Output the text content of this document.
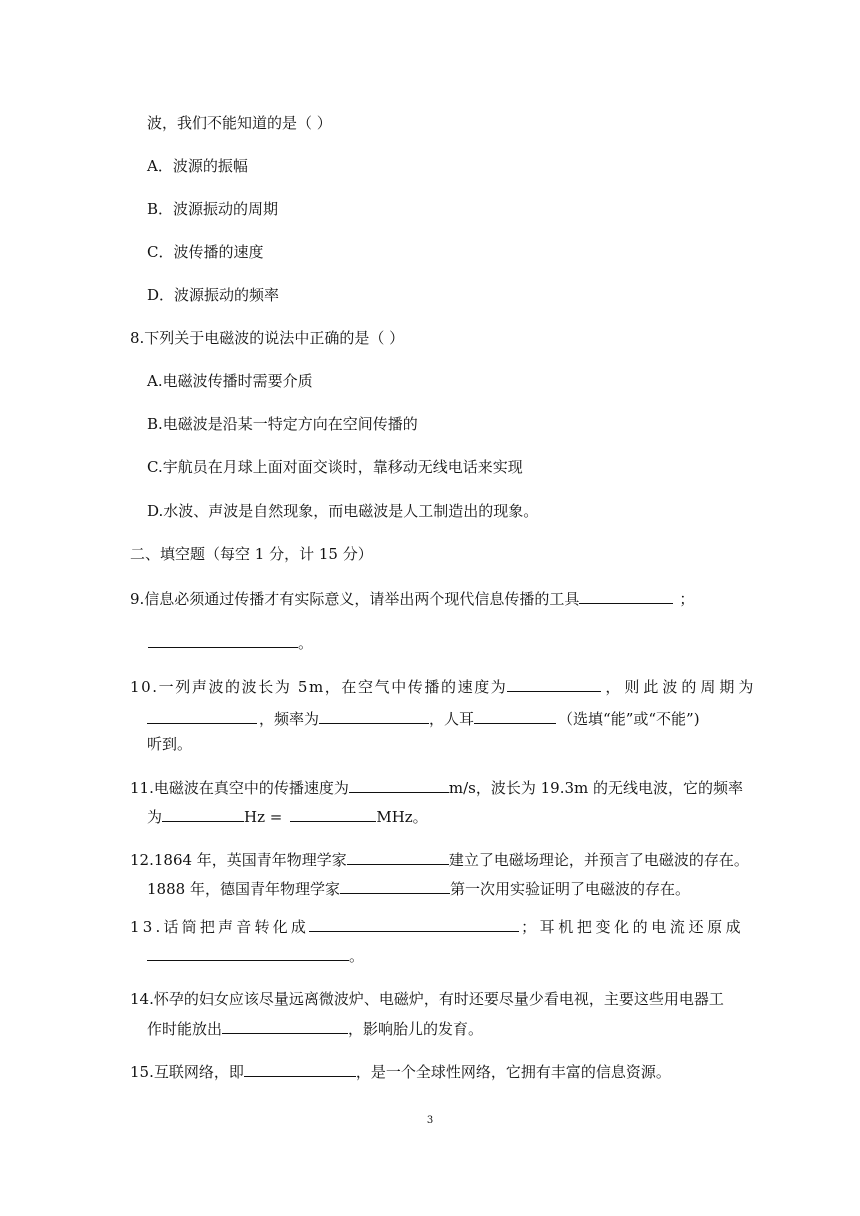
波，我们不能知道的是（ ）
A．波源的振幅
B．波源振动的周期
C．波传播的速度
D．波源振动的频率
8.下列关于电磁波的说法中正确的是（ ）
A.电磁波传播时需要介质
B.电磁波是沿某一特定方向在空间传播的
C.宇航员在月球上面对面交谈时，靠移动无线电话来实现
D.水波、声波是自然现象，而电磁波是人工制造出的现象。
二、填空题（每空 1 分，计 15 分）
9.信息必须通过传播才有实际意义，请举出两个现代信息传播的工具	；
。
10.一列声波的波长为 5m，在空气中传播的速度为	，则此波的周期为
，频率为	，人耳	（选填“能”或“不能”)
听到。
11.电磁波在真空中的传播速度为	m/s，波长为 19.3m 的无线电波，它的频率
为	Hz =	MHz。
12.1864 年，英国青年物理学家	建立了电磁场理论，并预言了电磁波的存在。
1888 年，德国青年物理学家	第一次用实验证明了电磁波的存在。
13.话筒把声音转化成	；耳机把变化的电流还原成
。
14.怀孕的妇女应该尽量远离微波炉、电磁炉，有时还要尽量少看电视，主要这些用电器工
作时能放出	，影响胎儿的发育。
15.互联网络，即	，是一个全球性网络，它拥有丰富的信息资源。
3
